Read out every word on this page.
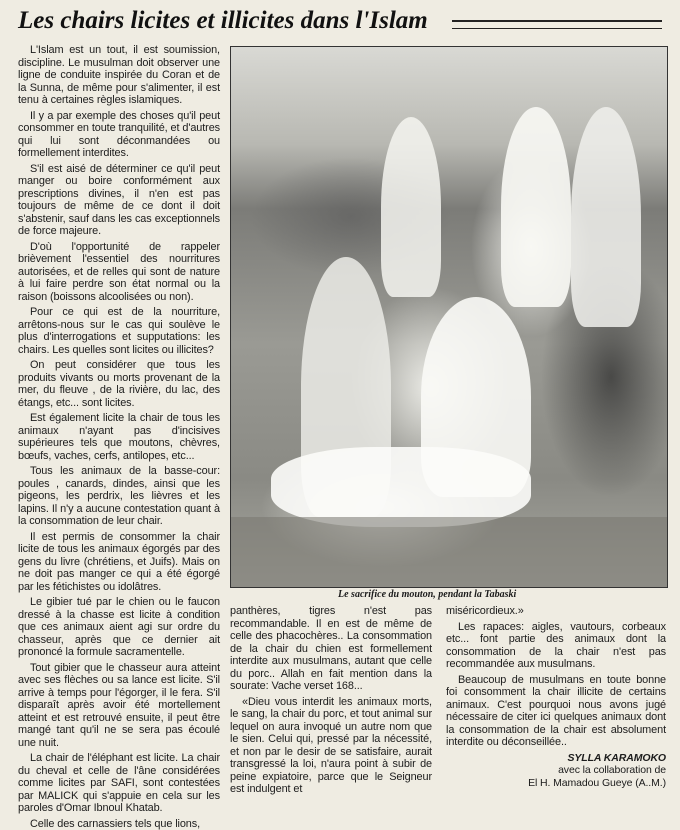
Les chairs licites et illicites dans l'Islam

L'Islam est un tout, il est soumission, discipline. Le musulman doit observer une ligne de conduite inspirée du Coran et de la Sunna, de même pour s'alimenter, il est tenu à certaines règles islamiques.

Il y a par exemple des choses qu'il peut consommer en toute tranquilité, et d'autres qui lui sont déconmandées ou formellement interdites.

S'il est aisé de déterminer ce qu'il peut manger ou boire conformément aux prescriptions divines, il n'en est pas toujours de même de ce dont il doit s'abstenir, sauf dans les cas exceptionnels de force majeure.

D'où l'opportunité de rappeler brièvement l'essentiel des nourritures autorisées, et de relles qui sont de nature à lui faire perdre son état normal ou la raison (boissons alcoolisées ou non).

Pour ce qui est de la nourriture, arrêtons-nous sur le cas qui soulève le plus d'interrogations et supputations: les chairs. Les quelles sont licites ou illicites?

On peut considérer que tous les produits vivants ou morts provenant de la mer, du fleuve , de la rivière, du lac, des étangs, etc... sont licites.

Est également licite la chair de tous les animaux n'ayant pas d'incisives supérieures tels que moutons, chèvres, bœufs, vaches, cerfs, antilopes, etc...

Tous les animaux de la basse-cour: poules , canards, dindes, ainsi que les pigeons, les perdrix, les lièvres et les lapins. Il n'y a aucune contestation quant à la consommation de leur chair.

Il est permis de consommer la chair licite de tous les animaux égorgés par des gens du livre (chrétiens, et Juifs). Mais on ne doit pas manger ce qui a été égorgé par les fétichistes ou idolâtres.

Le gibier tué par le chien ou le faucon dressé à la chasse est licite à condition que ces animaux aient agi sur ordre du chasseur, après que ce dernier ait prononcé la formule sacramentelle.

Tout gibier que le chasseur aura atteint avec ses flèches ou sa lance est licite. S'il arrive à temps pour l'égorger, il le fera. S'il disparaît après avoir été mortellement atteint et est retrouvé ensuite, il peut être mangé tant qu'il ne se sera pas écoulé une nuit.

La chair de l'éléphant est licite. La chair du cheval et celle de l'âne considérées comme licites par SAFI, sont contestées par MALICK qui s'appuie en cela sur les paroles d'Omar Ibnoul Khatab.

Celle des carnassiers tels que lions,

Le sacrifice du mouton, pendant la Tabaski

panthères, tigres n'est pas recommandable. Il en est de même de celle des phacochères.. La consommation de la chair du chien est formellement interdite aux musulmans, autant que celle du porc.. Allah en fait mention dans la sourate: Vache verset 168...

«Dieu vous interdit les animaux morts, le sang, la chair du porc, et tout animal sur lequel on aura invoqué un autre nom que le sien. Celui qui, pressé par la nécessité, et non par le desir de se satisfaire, aurait transgressé la loi, n'aura point à subir de peine expiatoire, parce que le Seigneur est indulgent et

miséricordieux.»

Les rapaces: aigles, vautours, corbeaux etc... font partie des animaux dont la consommation de la chair n'est pas recommandée aux musulmans.

Beaucoup de musulmans en toute bonne foi consomment la chair illicite de certains animaux. C'est pourquoi nous avons jugé nécessaire de citer ici quelques animaux dont la consommation de la chair est absolument interdite ou déconseillée..

SYLLA KARAMOKO
avec la collaboration de
El H. Mamadou Gueye (A..M.)
